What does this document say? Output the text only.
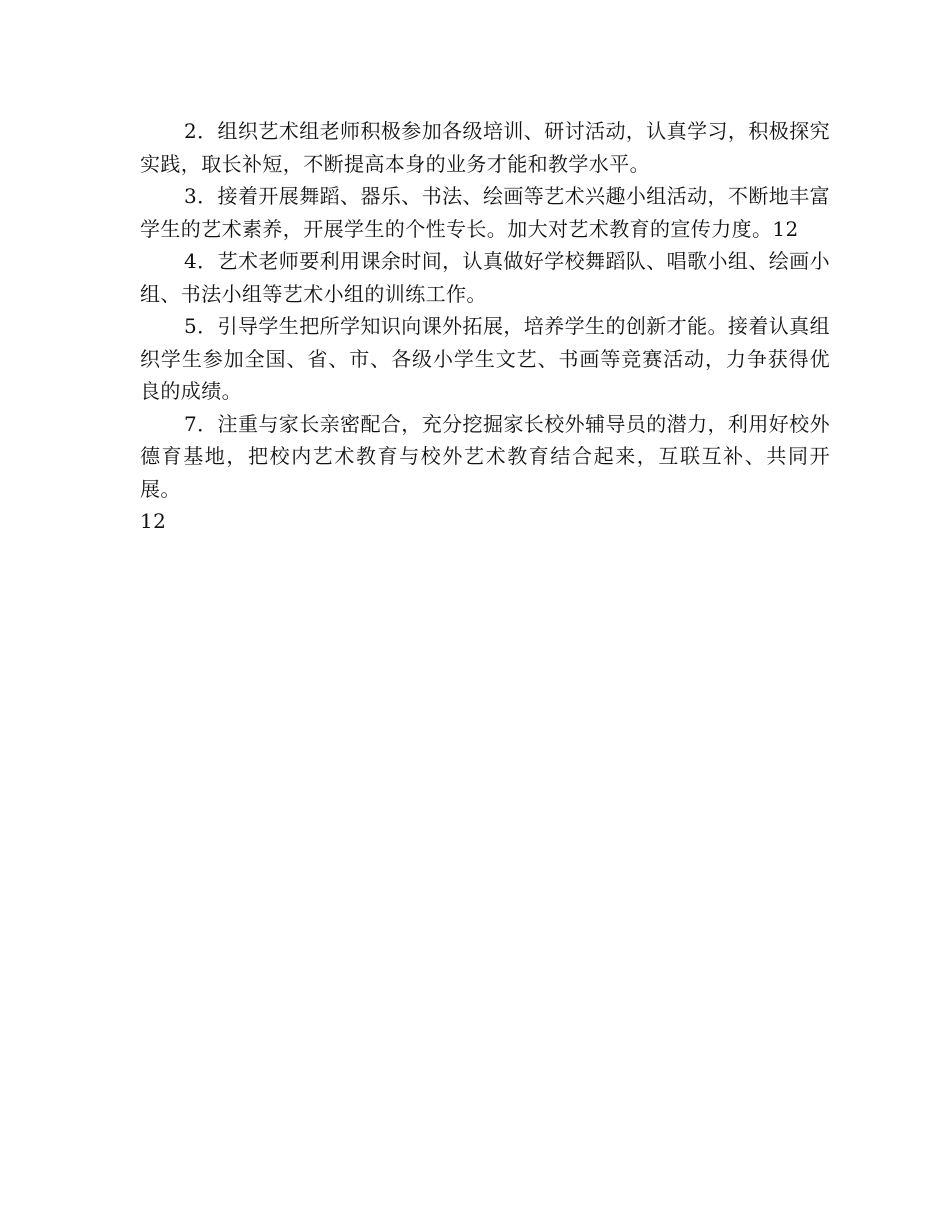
2．组织艺术组老师积极参加各级培训、研讨活动，认真学习，积极探究实践，取长补短，不断提高本身的业务才能和教学水平。

3．接着开展舞蹈、器乐、书法、绘画等艺术兴趣小组活动，不断地丰富学生的艺术素养，开展学生的个性专长。加大对艺术教育的宣传力度。12

4．艺术老师要利用课余时间，认真做好学校舞蹈队、唱歌小组、绘画小组、书法小组等艺术小组的训练工作。

5．引导学生把所学知识向课外拓展，培养学生的创新才能。接着认真组织学生参加全国、省、市、各级小学生文艺、书画等竞赛活动，力争获得优良的成绩。

7．注重与家长亲密配合，充分挖掘家长校外辅导员的潜力，利用好校外德育基地，把校内艺术教育与校外艺术教育结合起来，互联互补、共同开展。

12
